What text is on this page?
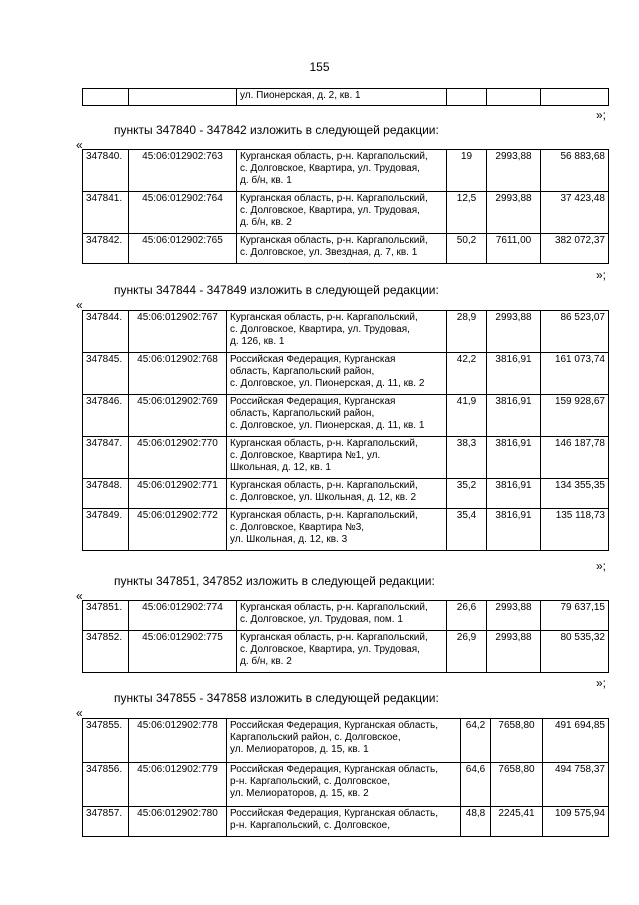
155
		ул. Пионерская, д. 2, кв. 1			
»;
пункты 347840 - 347842 изложить в следующей редакции:
«
347840.	45:06:012902:763	Курганская область, р-н. Каргапольский,
с. Долговское, Квартира, ул. Трудовая,
д. б/н, кв. 1	19	2993,88	56 883,68
347841.	45:06:012902:764	Курганская область, р-н. Каргапольский,
с. Долговское, Квартира, ул. Трудовая,
д. б/н, кв. 2	12,5	2993,88	37 423,48
347842.	45:06:012902:765	Курганская область, р-н. Каргапольский,
с. Долговское, ул. Звездная, д. 7, кв. 1	50,2	7611,00	382 072,37
»;
пункты 347844 - 347849 изложить в следующей редакции:
«
347844.	45:06:012902:767	Курганская область, р-н. Каргапольский,
с. Долговское, Квартира, ул. Трудовая,
д. 126, кв. 1	28,9	2993,88	86 523,07
347845.	45:06:012902:768	Российская Федерация, Курганская
область, Каргапольский район,
с. Долговское, ул. Пионерская, д. 11, кв. 2	42,2	3816,91	161 073,74
347846.	45:06:012902:769	Российская Федерация, Курганская
область, Каргапольский район,
с. Долговское, ул. Пионерская, д. 11, кв. 1	41,9	3816,91	159 928,67
347847.	45:06:012902:770	Курганская область, р-н. Каргапольский,
с. Долговское, Квартира №1, ул.
Школьная, д. 12, кв. 1	38,3	3816,91	146 187,78
347848.	45:06:012902:771	Курганская область, р-н. Каргапольский,
с. Долговское, ул. Школьная, д. 12, кв. 2	35,2	3816,91	134 355,35
347849.	45:06:012902:772	Курганская область, р-н. Каргапольский,
с. Долговское, Квартира №3,
ул. Школьная, д. 12, кв. 3	35,4	3816,91	135 118,73
»;
пункты 347851, 347852 изложить в следующей редакции:
«
347851.	45:06:012902:774	Курганская область, р-н. Каргапольский,
с. Долговское, ул. Трудовая, пом. 1	26,6	2993,88	79 637,15
347852.	45:06:012902:775	Курганская область, р-н. Каргапольский,
с. Долговское, Квартира, ул. Трудовая,
д. б/н, кв. 2	26,9	2993,88	80 535,32
»;
пункты 347855 - 347858 изложить в следующей редакции:
«
347855.	45:06:012902:778	Российская Федерация, Курганская область,
Каргапольский район, с. Долговское,
ул. Мелиораторов, д. 15, кв. 1	64,2	7658,80	491 694,85
347856.	45:06:012902:779	Российская Федерация, Курганская область,
р-н. Каргапольский, с. Долговское,
ул. Мелиораторов, д. 15, кв. 2	64,6	7658,80	494 758,37
347857.	45:06:012902:780	Российская Федерация, Курганская область,
р-н. Каргапольский, с. Долговское,	48,8	2245,41	109 575,94
